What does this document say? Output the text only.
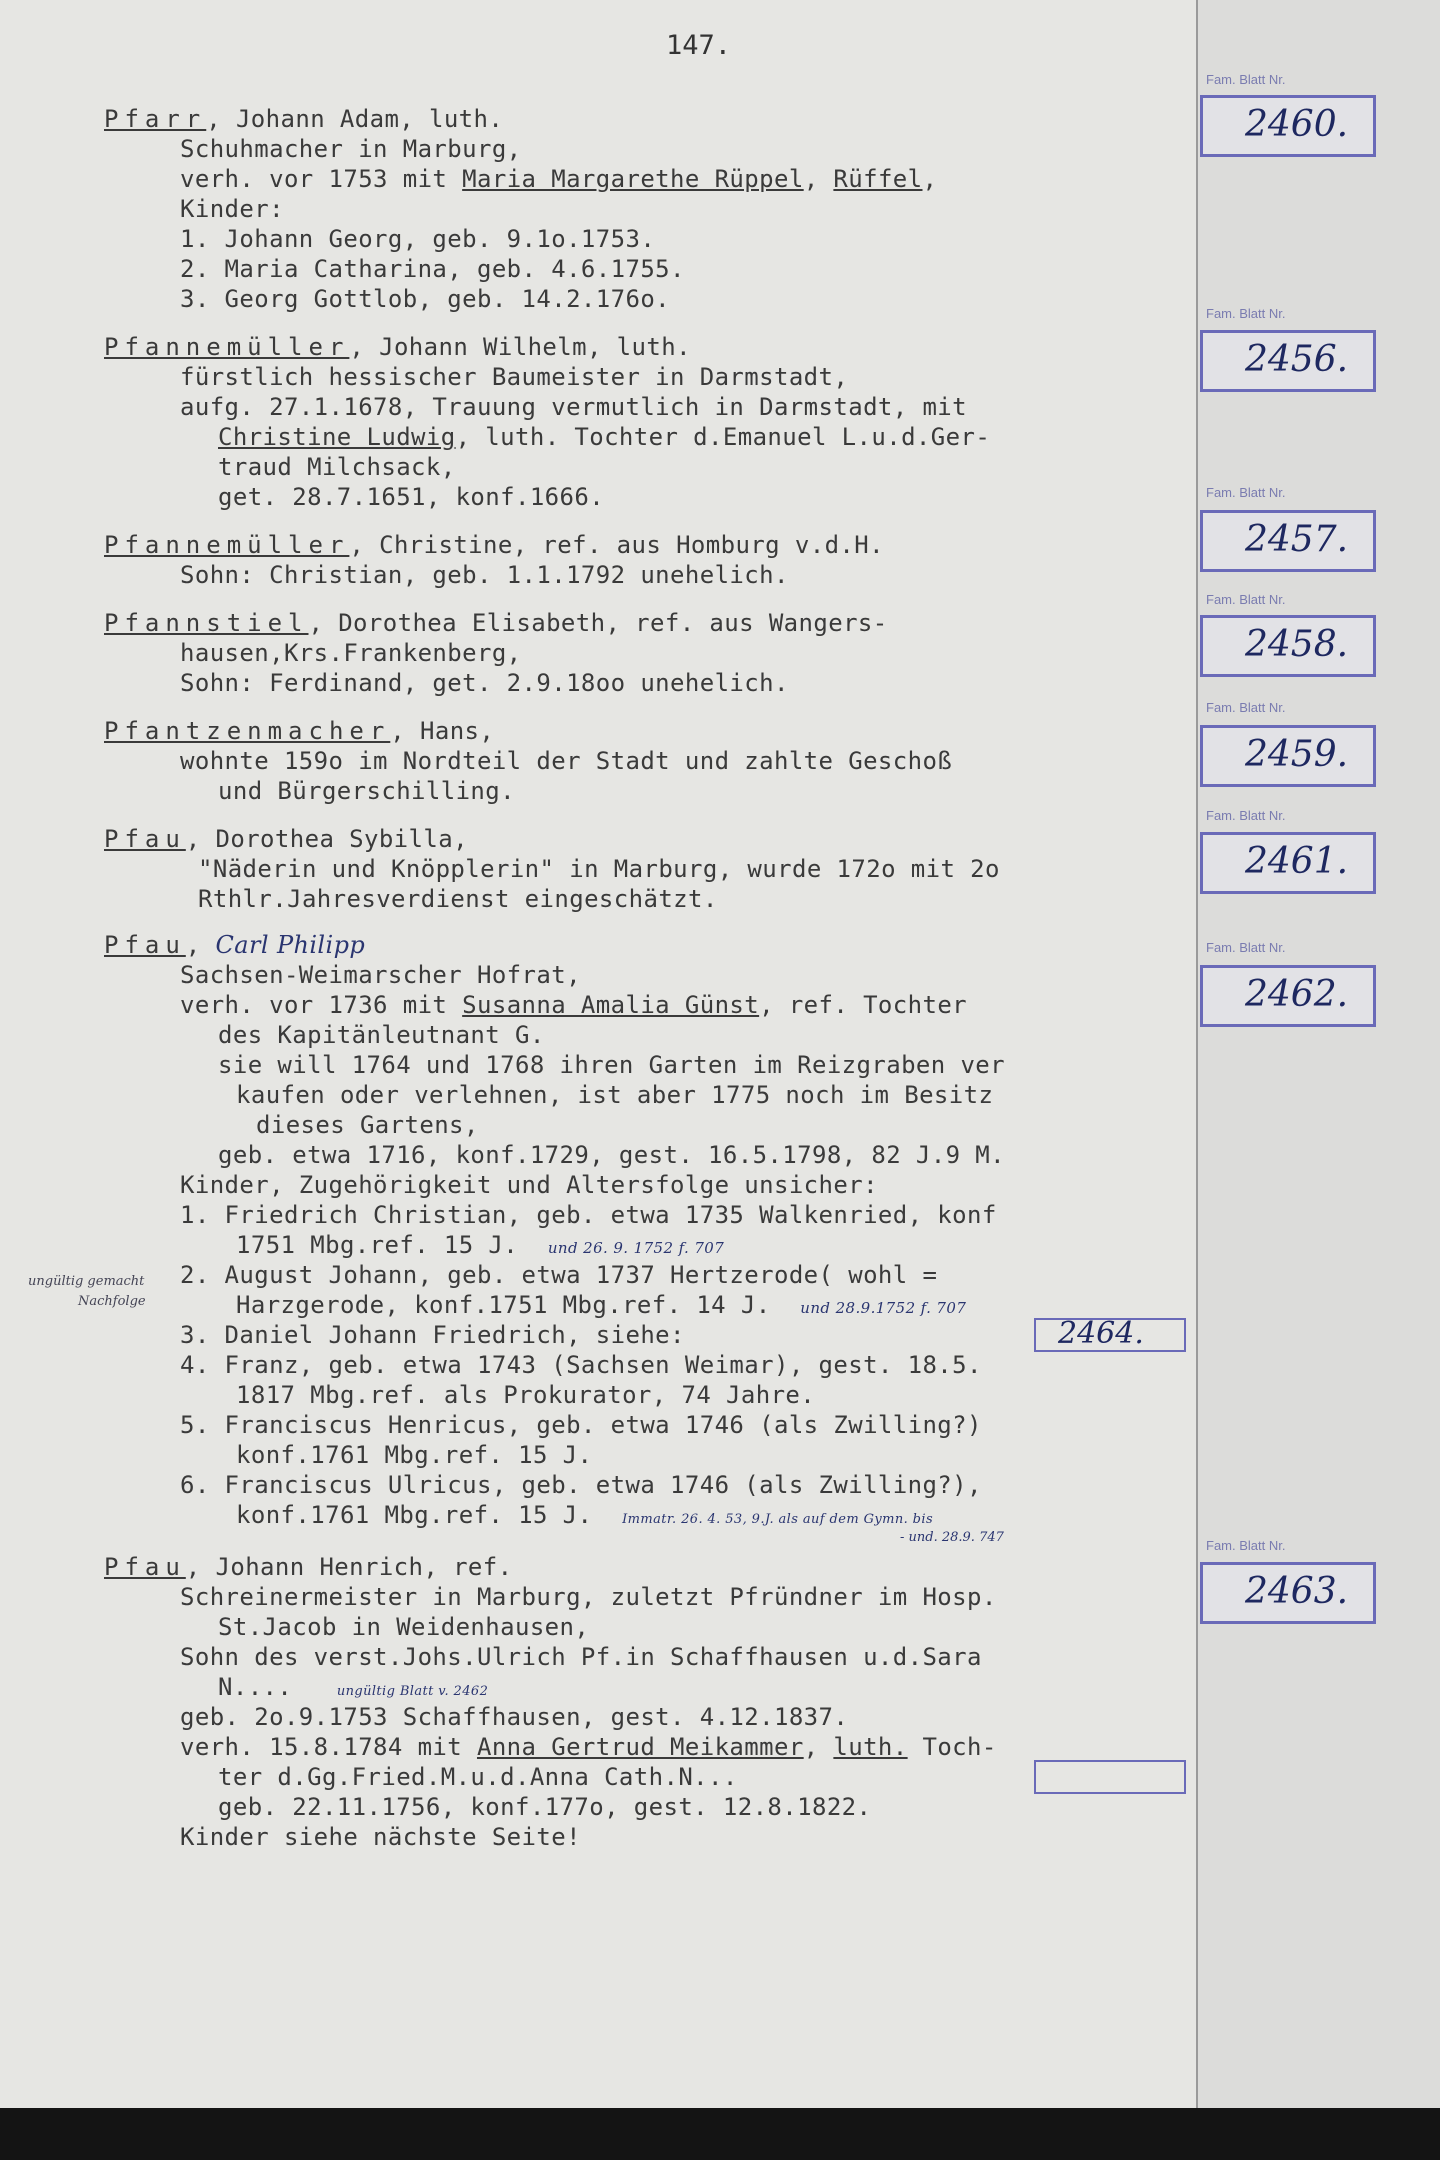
147.
Pfarr, Johann Adam, luth.
Schuhmacher in Marburg,
verh. vor 1753 mit Maria Margarethe Rüppel, Rüffel,
Kinder:
1. Johann Georg, geb. 9.1o.1753.
2. Maria Catharina, geb. 4.6.1755.
3. Georg Gottlob, geb. 14.2.176o.
Pfannemüller, Johann Wilhelm, luth.
fürstlich hessischer Baumeister in Darmstadt,
aufg. 27.1.1678, Trauung vermutlich in Darmstadt, mit
Christine Ludwig, luth. Tochter d.Emanuel L.u.d.Ger-
traud Milchsack,
get. 28.7.1651, konf.1666.
Pfannemüller, Christine, ref. aus Homburg v.d.H.
Sohn: Christian, geb. 1.1.1792 unehelich.
Pfannstiel, Dorothea Elisabeth, ref. aus Wangers-
hausen,Krs.Frankenberg,
Sohn: Ferdinand, get. 2.9.18oo unehelich.
Pfantzenmacher, Hans,
wohnte 159o im Nordteil der Stadt und zahlte Geschoß
und Bürgerschilling.
Pfau, Dorothea Sybilla,
"Näderin und Knöpplerin" in Marburg, wurde 172o mit 2o
Rthlr.Jahresverdienst eingeschätzt.
Pfau, Carl Philipp
Sachsen-Weimarscher Hofrat,
verh. vor 1736 mit Susanna Amalia Günst, ref. Tochter
des Kapitänleutnant G.
sie will 1764 und 1768 ihren Garten im Reizgraben ver
kaufen oder verlehnen, ist aber 1775 noch im Besitz
dieses Gartens,
geb. etwa 1716, konf.1729, gest. 16.5.1798, 82 J.9 M.
Kinder, Zugehörigkeit und Altersfolge unsicher:
1. Friedrich Christian, geb. etwa 1735 Walkenried, konf
1751 Mbg.ref. 15 J. und 26. 9. 1752 f. 707
2. August Johann, geb. etwa 1737 Hertzerode( wohl =
Harzgerode, konf.1751 Mbg.ref. 14 J. und 28.9.1752 f. 707
3. Daniel Johann Friedrich, siehe:	2464.
4. Franz, geb. etwa 1743 (Sachsen Weimar), gest. 18.5.
1817 Mbg.ref. als Prokurator, 74 Jahre.
5. Franciscus Henricus, geb. etwa 1746 (als Zwilling?)
konf.1761 Mbg.ref. 15 J.
6. Franciscus Ulricus, geb. etwa 1746 (als Zwilling?),
konf.1761 Mbg.ref. 15 J. Immatr. 26. 4. 53, 9.J. als auf dem Gymn. bis
- und. 28.9. 747
Pfau, Johann Henrich, ref.
Schreinermeister in Marburg, zuletzt Pfründner im Hosp.
St.Jacob in Weidenhausen,
Sohn des verst.Johs.Ulrich Pf.in Schaffhausen u.d.Sara
N....	ungültig Blatt v. 2462
geb. 2o.9.1753 Schaffhausen, gest. 4.12.1837.
verh. 15.8.1784 mit Anna Gertrud Meikammer, luth. Toch-
ter d.Gg.Fried.M.u.d.Anna Cath.N...
geb. 22.11.1756, konf.177o, gest. 12.8.1822.
Kinder siehe nächste Seite!
ungültig gemacht
Nachfolge
Fam. Blatt Nr.
2460.
Fam. Blatt Nr.
2456.
Fam. Blatt Nr.
2457.
Fam. Blatt Nr.
2458.
Fam. Blatt Nr.
2459.
Fam. Blatt Nr.
2461.
Fam. Blatt Nr.
2462.
Fam. Blatt Nr.
2463.
